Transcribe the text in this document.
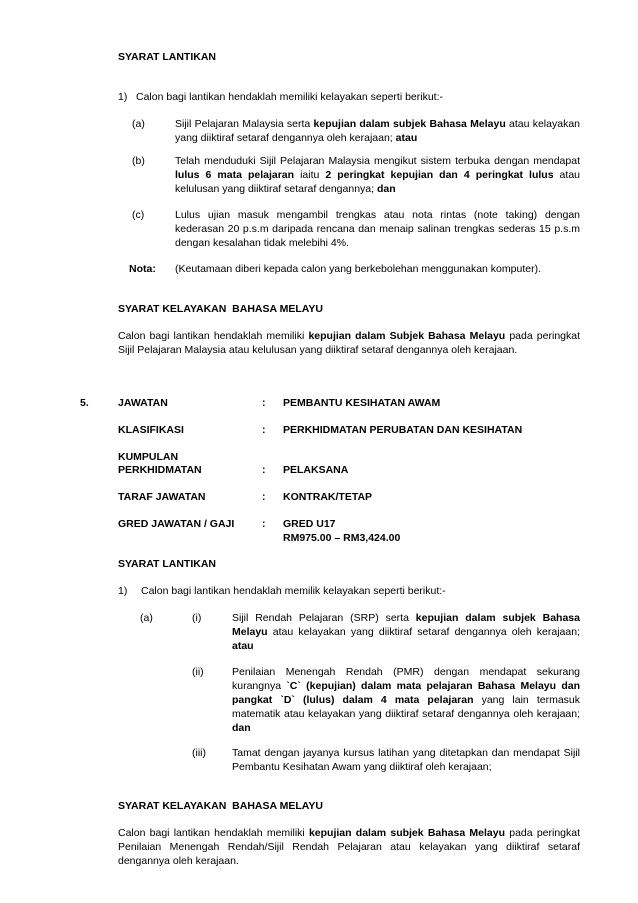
SYARAT LANTIKAN
1) Calon bagi lantikan hendaklah memiliki kelayakan seperti berikut:-
(a)	Sijil Pelajaran Malaysia serta kepujian dalam subjek Bahasa Melayu atau kelayakan yang diiktiraf setaraf dengannya oleh kerajaan; atau
(b)	Telah menduduki Sijil Pelajaran Malaysia mengikut sistem terbuka dengan mendapat lulus 6 mata pelajaran iaitu 2 peringkat kepujian dan 4 peringkat lulus atau kelulusan yang diiktiraf setaraf dengannya; dan
(c)	Lulus ujian masuk mengambil trengkas atau nota rintas (note taking) dengan kederasan 20 p.s.m daripada rencana dan menaip salinan trengkas sederas 15 p.s.m dengan kesalahan tidak melebihi 4%.
Nota: (Keutamaan diberi kepada calon yang berkebolehan menggunakan komputer).
SYARAT KELAYAKAN  BAHASA MELAYU
Calon bagi lantikan hendaklah memiliki kepujian dalam Subjek Bahasa Melayu pada peringkat Sijil Pelajaran Malaysia atau kelulusan yang diiktiraf setaraf dengannya oleh kerajaan.
5.	JAWATAN	: PEMBANTU KESIHATAN AWAM
KLASIFIKASI	: PERKHIDMATAN PERUBATAN DAN KESIHATAN
KUMPULAN
PERKHIDMATAN	: PELAKSANA
TARAF JAWATAN	: KONTRAK/TETAP
GRED JAWATAN / GAJI	: GRED U17
RM975.00 – RM3,424.00
SYARAT LANTIKAN
1) Calon bagi lantikan hendaklah memilik kelayakan seperti berikut:-
(a)	(i)	Sijil Rendah Pelajaran (SRP) serta kepujian dalam subjek Bahasa Melayu atau kelayakan yang diiktiraf setaraf dengannya oleh kerajaan; atau
(ii)	Penilaian Menengah Rendah (PMR) dengan mendapat sekurang kurangnya `C` (kepujian) dalam mata pelajaran Bahasa Melayu dan pangkat `D` (lulus) dalam 4 mata pelajaran yang lain termasuk matematik atau kelayakan yang diiktiraf setaraf dengannya oleh kerajaan; dan
(iii) Tamat dengan jayanya kursus latihan yang ditetapkan dan mendapat Sijil Pembantu Kesihatan Awam yang diiktiraf oleh kerajaan;
SYARAT KELAYAKAN  BAHASA MELAYU
Calon bagi lantikan hendaklah memiliki kepujian dalam subjek Bahasa Melayu pada peringkat Penilaian Menengah Rendah/Sijil Rendah Pelajaran atau kelayakan yang diiktiraf setaraf dengannya oleh kerajaan.
